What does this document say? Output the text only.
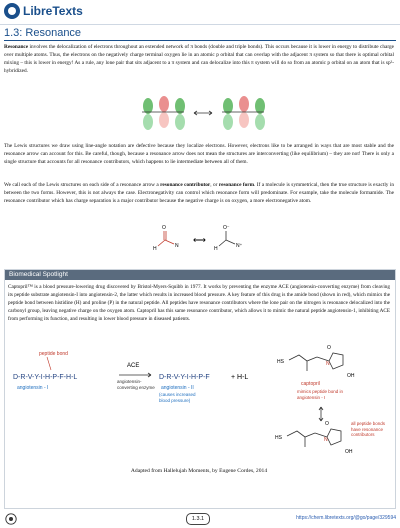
LibreTexts
1.3: Resonance
Resonance involves the delocalization of electrons throughout an extended network of π bonds (double and triple bonds). This occurs because it is lower in energy to distribute charge over multiple atoms. Thus, the electrons on the negatively charge terminal oxygen lie in an atomic p orbital that can overlap with the adjacent π system so that there is optimal orbital mixing – this is lower in energy! As a rule, any lone pair that sits adjacent to a π system and can delocalize into this π system will do so from an atomic p orbital on an atom that is sp²-hybridized.
The Lewis structures we draw using line-angle notation are defective because they localize electrons. However, electrons like to be arranged in ways that are most stable and the resonance arrow can account for this. Be careful, though, because a resonance arrow does not mean the structures are interconverting (like equilibrium) – they are not! There is only a single structure that accounts for all resonance contributors, which happens to lie intermediate between all of them.
We call each of the Lewis structures on each side of a resonance arrow a resonance contributor, or resonance form. If a molecule is symmetrical, then the true structure is exactly in between the two forms. However, this is not always the case. Electronegativity can control which resonance form will predominate. For example, take the molecule formamide. The resonance contributor which has charge separation is a major contributor because the negative charge is on oxygen, a more electronegative atom.
O
H	N
⟷
O⁻
H	N⁺
Biomedical Spotlight
Captopril™ is a blood pressure-lowering drug discovered by Bristol-Myers-Squibb in 1977. It works by preventing the enzyme ACE (angiotensin-converting enzyme) from cleaving its peptide substrate angiotensin-I into angiotensin-2, the latter which results in increased blood pressure. A key feature of this drug is the amide bond (shown in red), which mimics the peptide bond between histidine (H) and proline (P) in the natural peptide. All peptides have resonance contributors where the lone pair on the nitrogen is resonance delocalized into the carbonyl group, leaving negative charge on the oxygen atom. Captopril has this same resonance contributor, which allows it to mimic the natural peptide angiotensin-1, inhibiting ACE from performing its function, and resulting in lower blood pressure in diseased patients.
peptide bond
D-R-V-Y-I-H-P-F-H-L
angiotensin - I
ACE
angiotensin-converting enzyme
D-R-V-Y-I-H-P-F	+ H-L
angiotensin - II
(causes increased blood pressure)
HS
O
N
OH
captopril
mimics peptide bond in angiotensin - I
HS
O
N
OH
all peptide bonds have resonance contributors
Adapted from Hallelujah Moments, by Eugene Cordes, 2014
1.3.1	https://chem.libretexts.org/@go/page/329594
